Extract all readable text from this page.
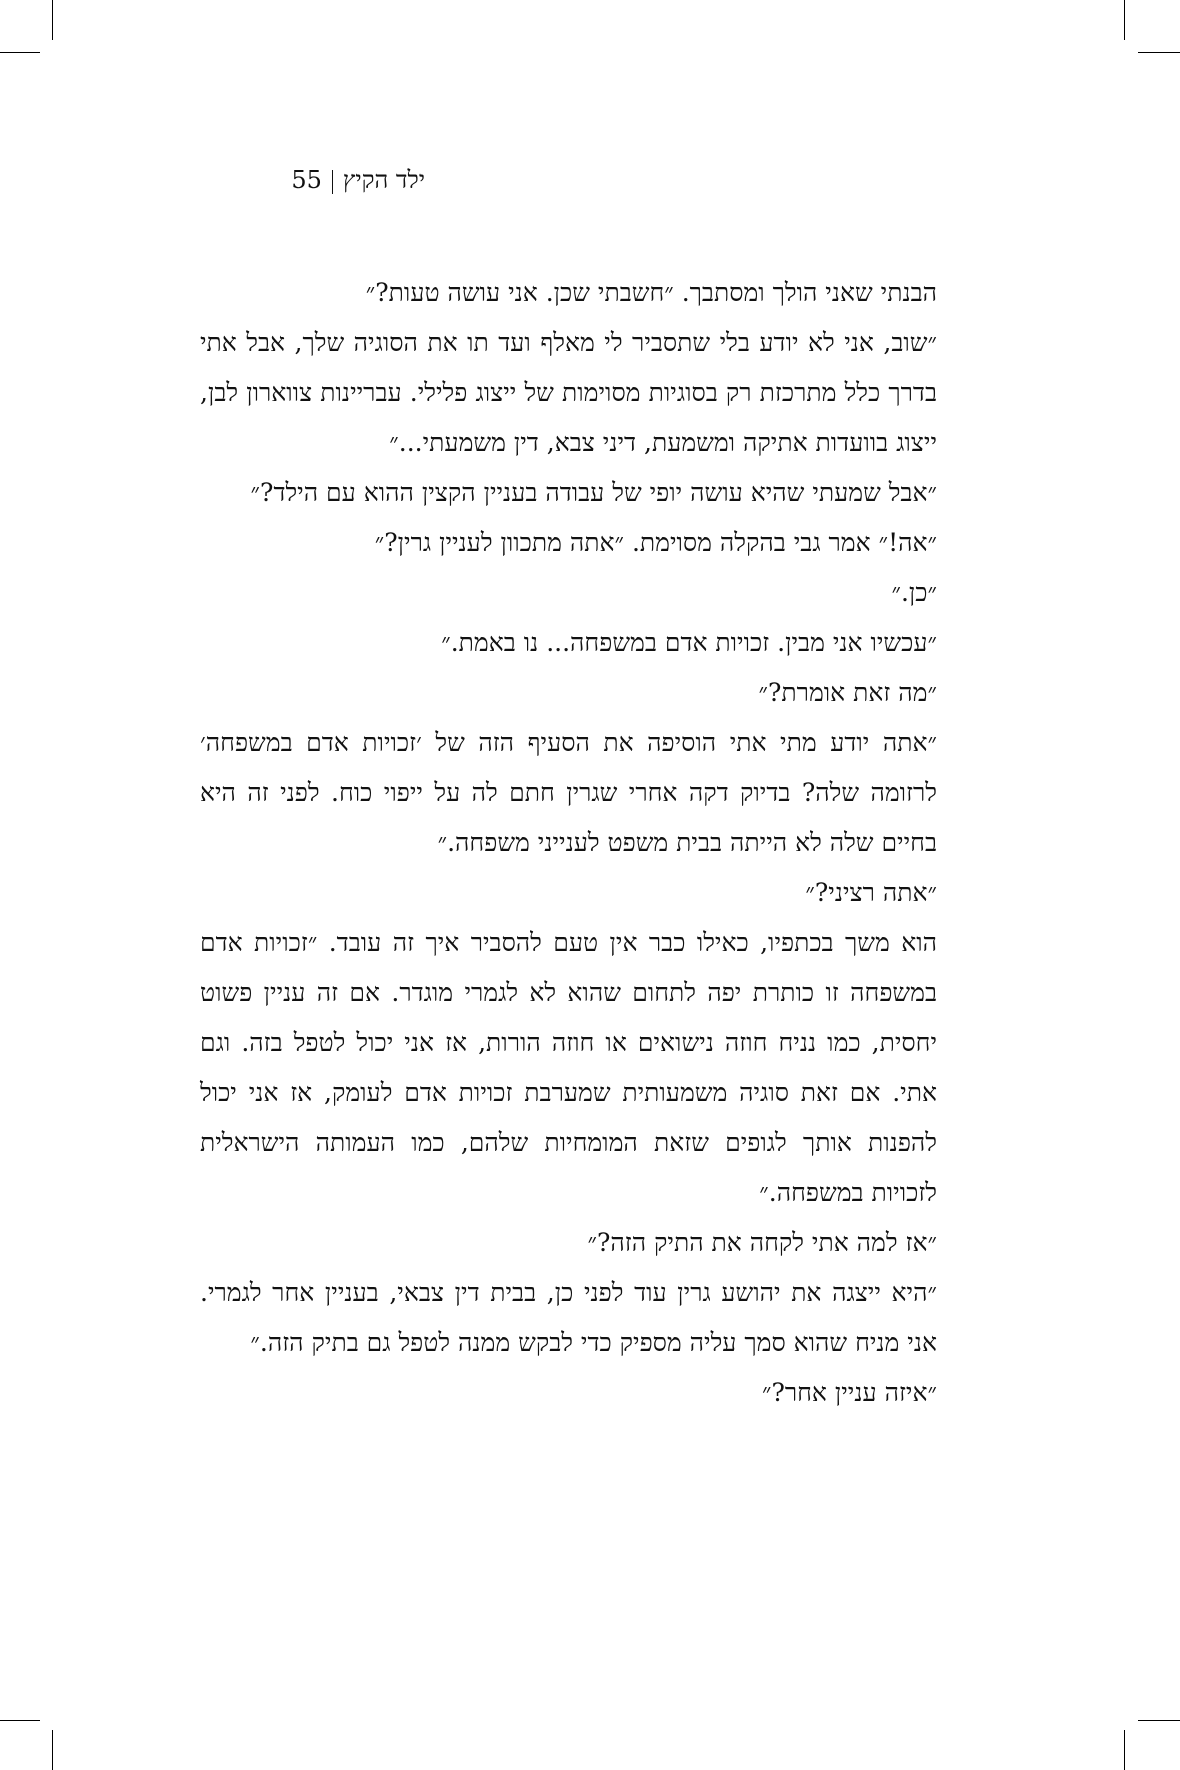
ילד הקיץ55

הבנתי שאני הולך ומסתבך. ״חשבתי שכן. אני עושה טעות?״

״שוב, אני לא יודע בלי שתסביר לי מאלף ועד תו את הסוגיה שלך, אבל אתי בדרך כלל מתרכזת רק בסוגיות מסוימות של ייצוג פלילי. עבריינות צווארון לבן, ייצוג בוועדות אתיקה ומשמעת, דיני צבא, דין משמעתי...״

״אבל שמעתי שהיא עושה יופי של עבודה בעניין הקצין ההוא עם הילד?״

״אה!״ אמר גבי בהקלה מסוימת. ״אתה מתכוון לעניין גרין?״

״כן.״

״עכשיו אני מבין. זכויות אדם במשפחה... נו באמת.״

״מה זאת אומרת?״

״אתה יודע מתי אתי הוסיפה את הסעיף הזה של ׳זכויות אדם במשפחה׳ לרזומה שלה? בדיוק דקה אחרי שגרין חתם לה על ייפוי כוח. לפני זה היא בחיים שלה לא הייתה בבית משפט לענייני משפחה.״

״אתה רציני?״

הוא משך בכתפיו, כאילו כבר אין טעם להסביר איך זה עובד. ״זכויות אדם במשפחה זו כותרת יפה לתחום שהוא לא לגמרי מוגדר. אם זה עניין פשוט יחסית, כמו נניח חוזה נישואים או חוזה הורות, אז אני יכול לטפל בזה. וגם אתי. אם זאת סוגיה משמעותית שמערבת זכויות אדם לעומק, אז אני יכול להפנות אותך לגופים שזאת המומחיות שלהם, כמו העמותה הישראלית לזכויות במשפחה.״

״אז למה אתי לקחה את התיק הזה?״

״היא ייצגה את יהושע גרין עוד לפני כן, בבית דין צבאי, בעניין אחר לגמרי. אני מניח שהוא סמך עליה מספיק כדי לבקש ממנה לטפל גם בתיק הזה.״

״איזה עניין אחר?״
